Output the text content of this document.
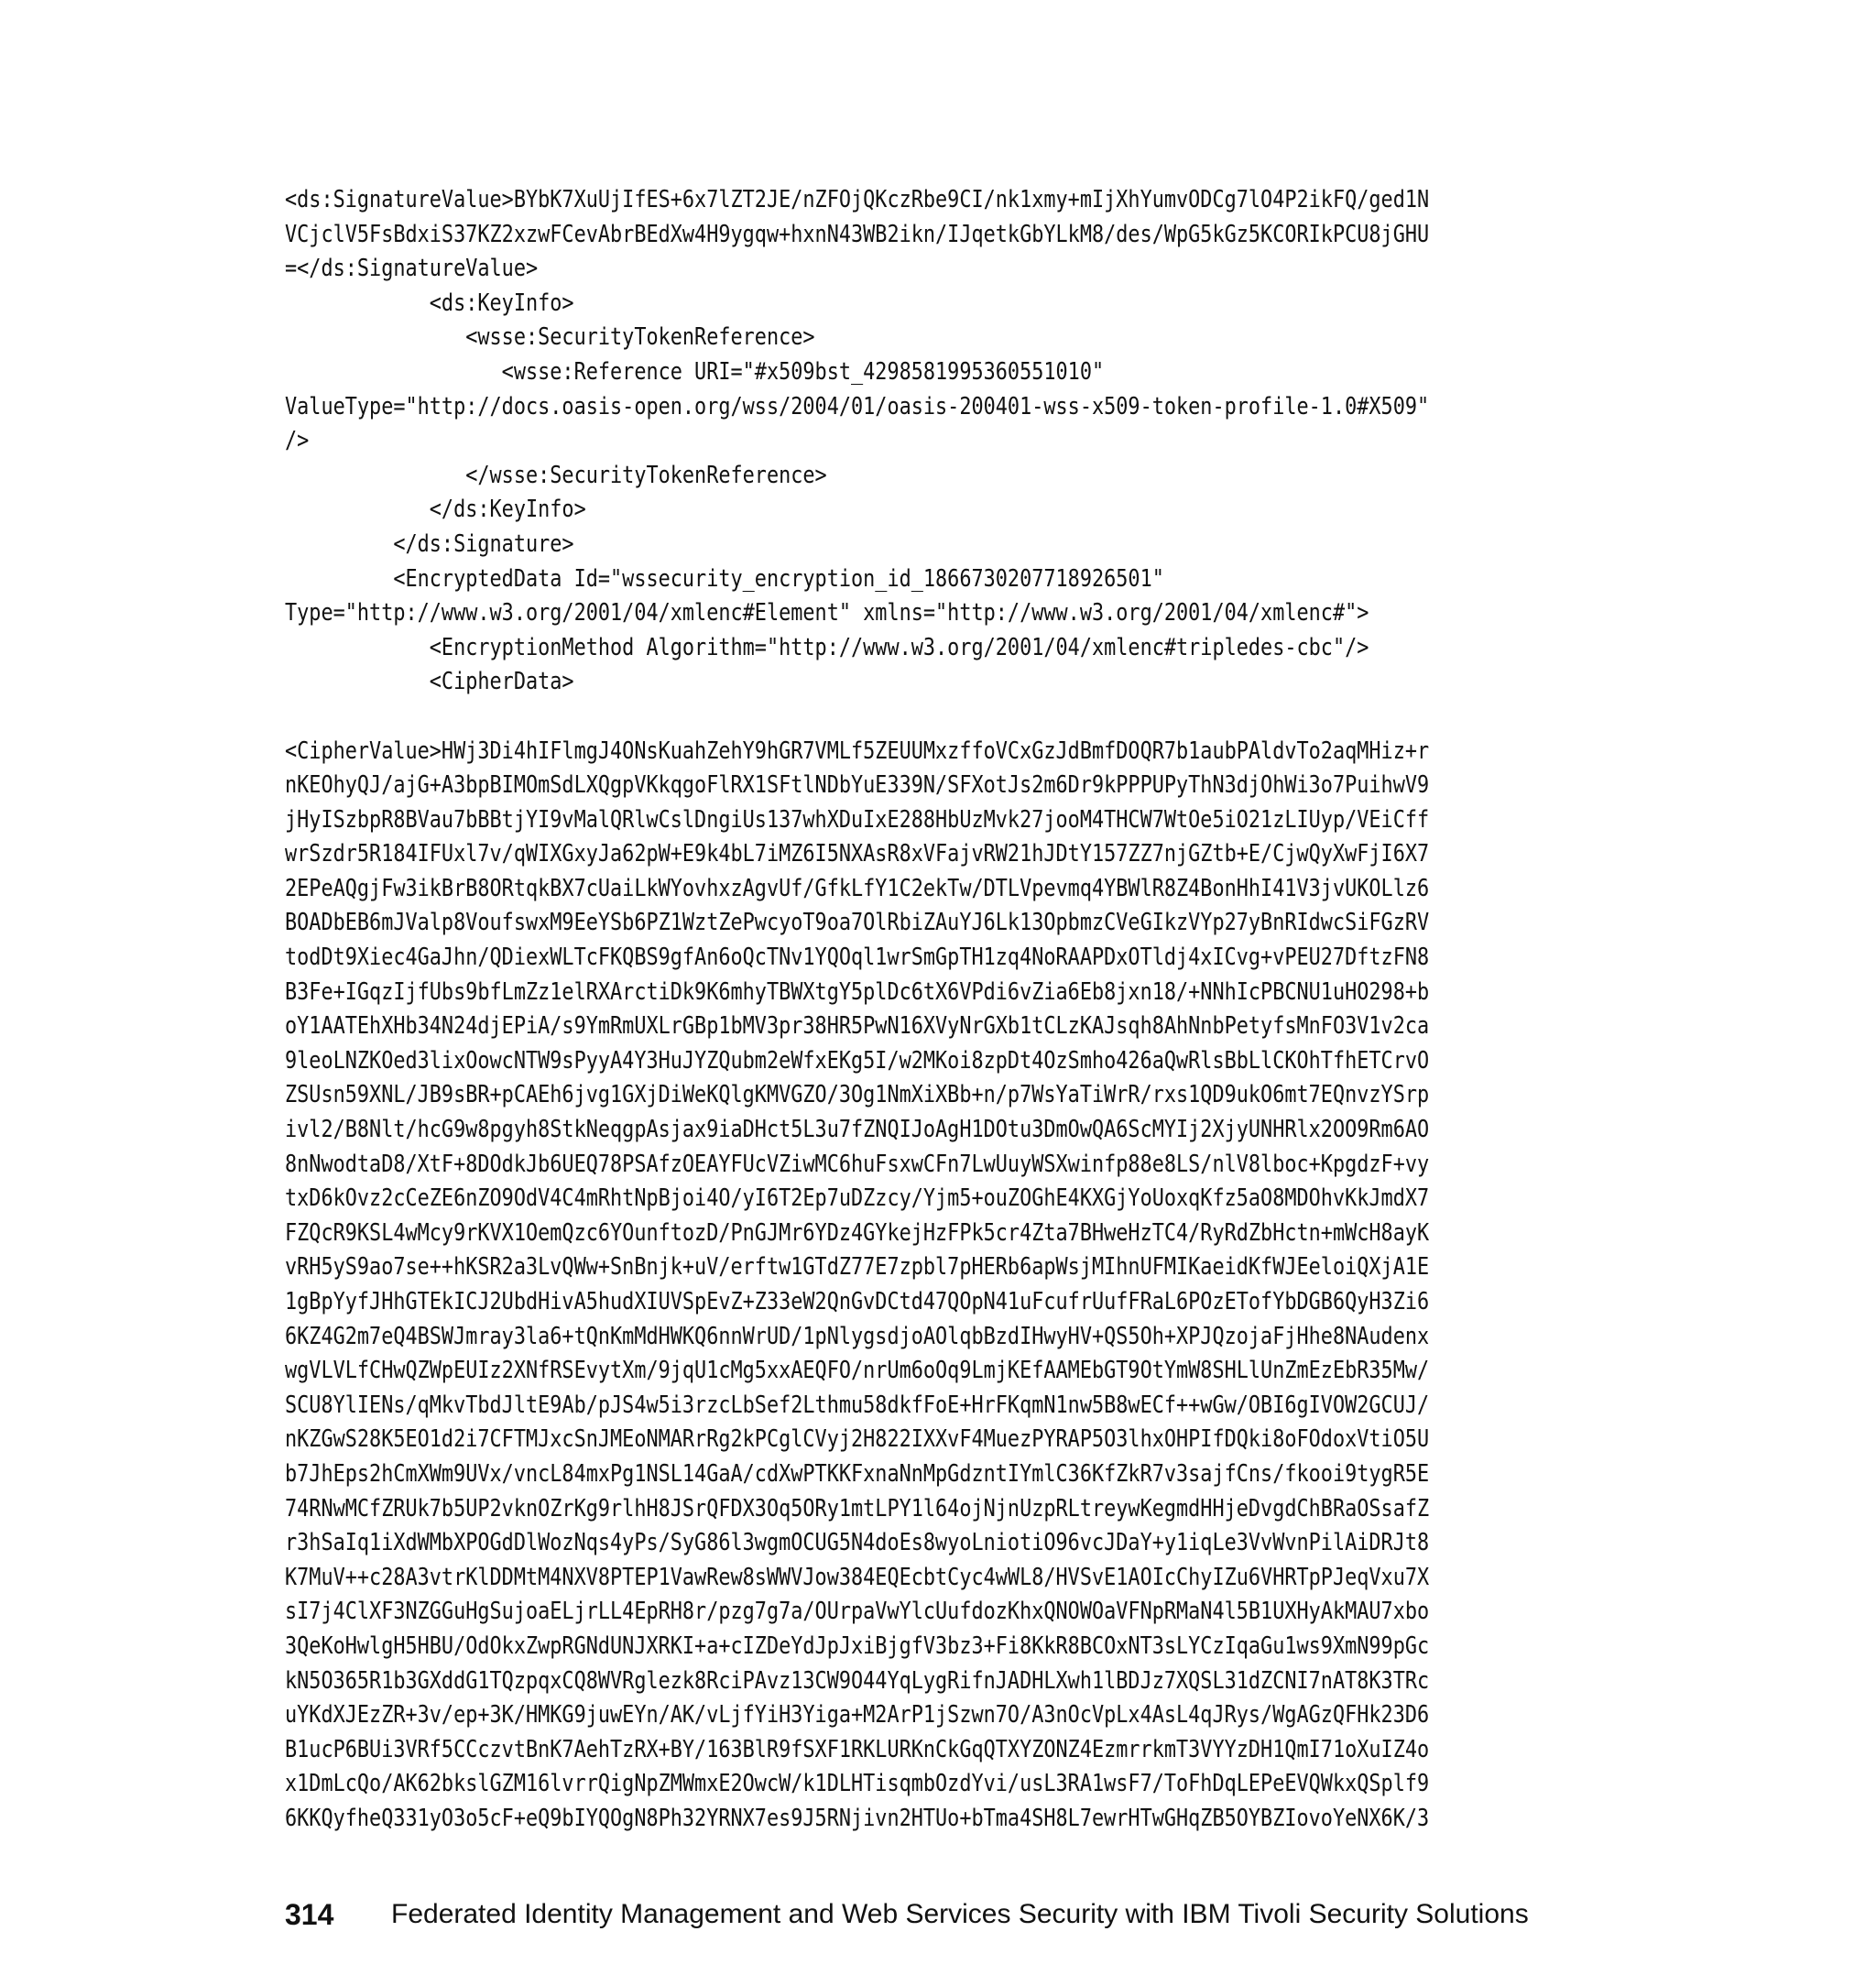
<ds:SignatureValue>BYbK7XuUjIfES+6x7lZT2JE/nZFOjQKczRbe9CI/nk1xmy+mIjXhYumvODCg7lO4P2ikFQ/ged1N
VCjclV5FsBdxiS37KZ2xzwFCevAbrBEdXw4H9ygqw+hxnN43WB2ikn/IJqetkGbYLkM8/des/WpG5kGz5KCORIkPCU8jGHU
=</ds:SignatureValue>
<ds:KeyInfo>
<wsse:SecurityTokenReference>
<wsse:Reference URI="#x509bst_4298581995360551010"
ValueType="http://docs.oasis-open.org/wss/2004/01/oasis-200401-wss-x509-token-profile-1.0#X509"
/>
</wsse:SecurityTokenReference>
</ds:KeyInfo>
</ds:Signature>
<EncryptedData Id="wssecurity_encryption_id_1866730207718926501"
Type="http://www.w3.org/2001/04/xmlenc#Element" xmlns="http://www.w3.org/2001/04/xmlenc#">
<EncryptionMethod Algorithm="http://www.w3.org/2001/04/xmlenc#tripledes-cbc"/>
<CipherData>
<CipherValue>HWj3Di4hIFlmgJ4ONsKuahZehY9hGR7VMLf5ZEUUMxzffoVCxGzJdBmfDOQR7b1aubPAldvTo2aqMHiz+r
nKEOhyQJ/ajG+A3bpBIMOmSdLXQgpVKkqgoFlRX1SFtlNDbYuE339N/SFXotJs2m6Dr9kPPPUPyThN3djOhWi3o7PuihwV9
jHyISzbpR8BVau7bBBtjYI9vMalQRlwCslDngiUs137whXDuIxE288HbUzMvk27jooM4THCW7WtOe5iO21zLIUyp/VEiCff
wrSzdr5R184IFUxl7v/qWIXGxyJa62pW+E9k4bL7iMZ6I5NXAsR8xVFajvRW21hJDtY157ZZ7njGZtb+E/CjwQyXwFjI6X7
2EPeAQgjFw3ikBrB8ORtqkBX7cUaiLkWYovhxzAgvUf/GfkLfY1C2ekTw/DTLVpevmq4YBWlR8Z4BonHhI41V3jvUKOLlz6
BOADbEB6mJValp8VoufswxM9EeYSb6PZ1WztZePwcyoT9oa7OlRbiZAuYJ6Lk13OpbmzCVeGIkzVYp27yBnRIdwcSiFGzRV
todDt9Xiec4GaJhn/QDiexWLTcFKQBS9gfAn6oQcTNv1YQOql1wrSmGpTH1zq4NoRAAPDxOTldj4xICvg+vPEU27DftzFN8
B3Fe+IGqzIjfUbs9bfLmZz1elRXArctiDk9K6mhyTBWXtgY5plDc6tX6VPdi6vZia6Eb8jxn18/+NNhIcPBCNU1uHO298+b
oY1AATEhXHb34N24djEPiA/s9YmRmUXLrGBp1bMV3pr38HR5PwN16XVyNrGXb1tCLzKAJsqh8AhNnbPetyfsMnFO3V1v2ca
9leoLNZKOed3lixOowcNTW9sPyyA4Y3HuJYZQubm2eWfxEKg5I/w2MKoi8zpDt4OzSmho426aQwRlsBbLlCKOhTfhETCrvO
ZSUsn59XNL/JB9sBR+pCAEh6jvg1GXjDiWeKQlgKMVGZO/3Og1NmXiXBb+n/p7WsYaTiWrR/rxs1QD9ukO6mt7EQnvzYSrp
ivl2/B8Nlt/hcG9w8pgyh8StkNeqgpAsjax9iaDHct5L3u7fZNQIJoAgH1DOtu3DmOwQA6ScMYIj2XjyUNHRlx2OO9Rm6AO
8nNwodtaD8/XtF+8DOdkJb6UEQ78PSAfzOEAYFUcVZiwMC6huFsxwCFn7LwUuyWSXwinfp88e8LS/nlV8lboc+KpgdzF+vy
txD6kOvz2cCeZE6nZO9OdV4C4mRhtNpBjoi4O/yI6T2Ep7uDZzcy/Yjm5+ouZOGhE4KXGjYoUoxqKfz5aO8MDOhvKkJmdX7
FZQcR9KSL4wMcy9rKVX1OemQzc6YOunftozD/PnGJMr6YDz4GYkejHzFPk5cr4Zta7BHweHzTC4/RyRdZbHctn+mWcH8ayK
vRH5yS9ao7se++hKSR2a3LvQWw+SnBnjk+uV/erftw1GTdZ77E7zpbl7pHERb6apWsjMIhnUFMIKaeidKfWJEeloiQXjA1E
1gBpYyfJHhGTEkICJ2UbdHivA5hudXIUVSpEvZ+Z33eW2QnGvDCtd47QOpN41uFcufrUufFRaL6POzETofYbDGB6QyH3Zi6
6KZ4G2m7eQ4BSWJmray3la6+tQnKmMdHWKQ6nnWrUD/1pNlygsdjoAOlqbBzdIHwyHV+QS5Oh+XPJQzojaFjHhe8NAudenx
wgVLVLfCHwQZWpEUIz2XNfRSEvytXm/9jqU1cMg5xxAEQFO/nrUm6oOq9LmjKEfAAMEbGT9OtYmW8SHLlUnZmEzEbR35Mw/
SCU8YlIENs/qMkvTbdJltE9Ab/pJS4w5i3rzcLbSef2Lthmu58dkfFoE+HrFKqmN1nw5B8wECf++wGw/OBI6gIVOW2GCUJ/
nKZGwS28K5EO1d2i7CFTMJxcSnJMEoNMARrRg2kPCglCVyj2H822IXXvF4MuezPYRAP5O3lhxOHPIfDQki8oFOdoxVtiO5U
b7JhEps2hCmXWm9UVx/vncL84mxPg1NSL14GaA/cdXwPTKKFxnaNnMpGdzntIYmlC36KfZkR7v3sajfCns/fkooi9tygR5E
74RNwMCfZRUk7b5UP2vknOZrKg9rlhH8JSrQFDX3Oq5ORy1mtLPY1l64ojNjnUzpRLtreywKegmdHHjeDvgdChBRaOSsafZ
r3hSaIq1iXdWMbXPOGdDlWozNqs4yPs/SyG86l3wgmOCUG5N4doEs8wyoLniotiO96vcJDaY+y1iqLe3VvWvnPilAiDRJt8
K7MuV++c28A3vtrKlDDMtM4NXV8PTEP1VawRew8sWWVJow384EQEcbtCyc4wWL8/HVSvE1AOIcChyIZu6VHRTpPJeqVxu7X
sI7j4ClXF3NZGGuHgSujoaELjrLL4EpRH8r/pzg7g7a/OUrpaVwYlcUufdozKhxQNOWOaVFNpRMaN4l5B1UXHyAkMAU7xbo
3QeKoHwlgH5HBU/OdOkxZwpRGNdUNJXRKI+a+cIZDeYdJpJxiBjgfV3bz3+Fi8KkR8BCOxNT3sLYCzIqaGu1ws9XmN99pGc
kN5O365R1b3GXddG1TQzpqxCQ8WVRglezk8RciPAvz13CW9O44YqLygRifnJADHLXwh1lBDJz7XQSL31dZCNI7nAT8K3TRc
uYKdXJEzZR+3v/ep+3K/HMKG9juwEYn/AK/vLjfYiH3Yiga+M2ArP1jSzwn7O/A3nOcVpLx4AsL4qJRys/WgAGzQFHk23D6
B1ucP6BUi3VRf5CCczvtBnK7AehTzRX+BY/163BlR9fSXF1RKLURKnCkGqQTXYZONZ4EzmrrkmT3VYYzDH1QmI71oXuIZ4o
x1DmLcQo/AK62bkslGZM16lvrrQigNpZMWmxE2OwcW/k1DLHTisqmbOzdYvi/usL3RA1wsF7/ToFhDqLEPeEVQWkxQSplf9
6KKQyfheQ331yO3o5cF+eQ9bIYQOgN8Ph32YRNX7es9J5RNjivn2HTUo+bTma4SH8L7ewrHTwGHqZB5OYBZIovoYeNX6K/3
314	Federated Identity Management and Web Services Security with IBM Tivoli Security Solutions
